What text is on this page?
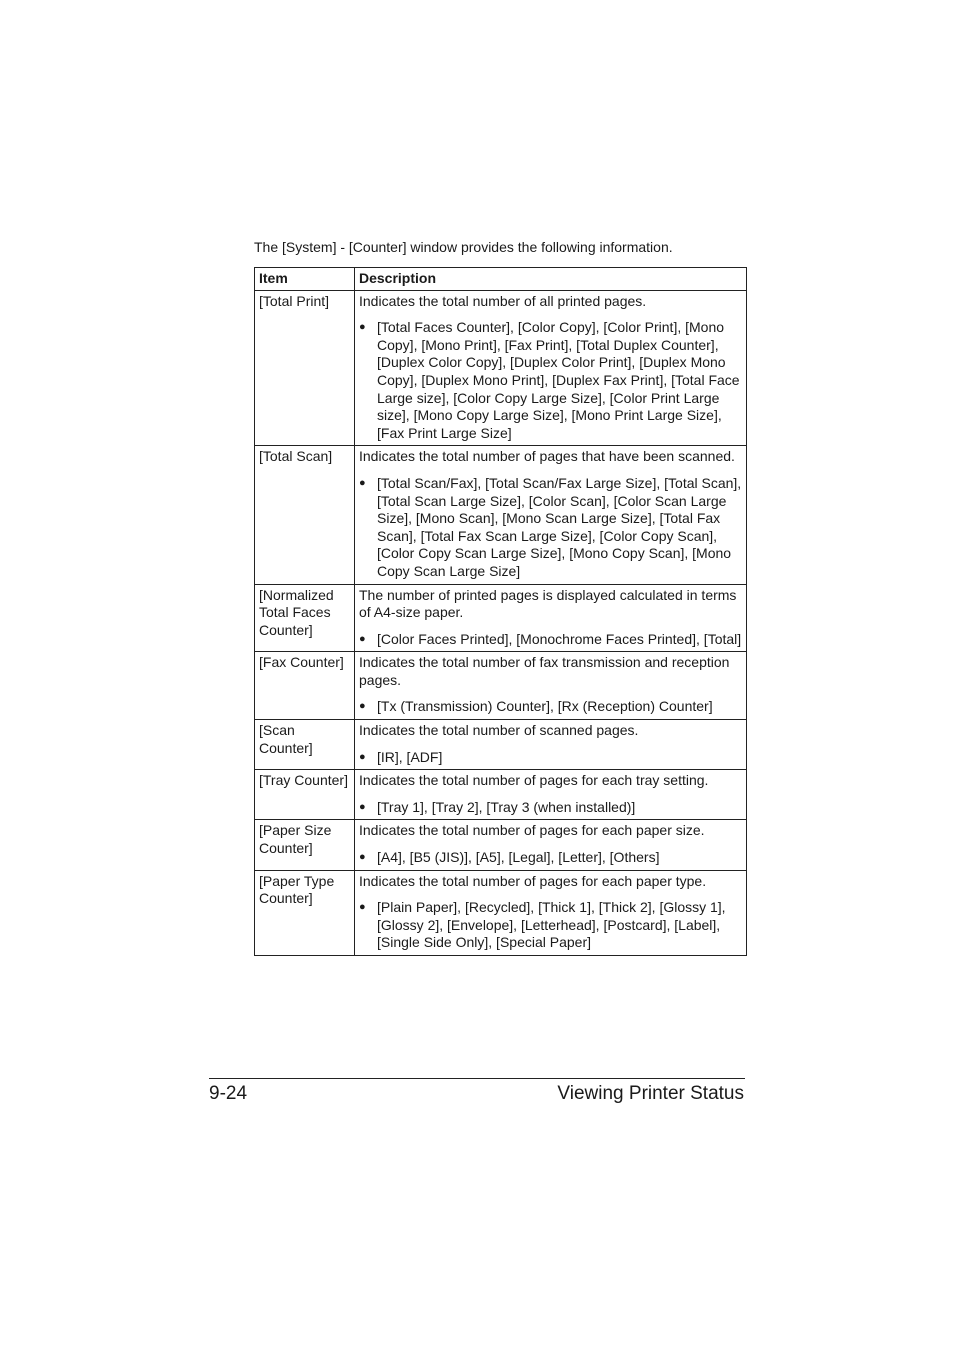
The [System] - [Counter] window provides the following information.
Item	Description
[Total Print]	Indicates the total number of all printed pages.

● [Total Faces Counter], [Color Copy], [Color Print], [Mono Copy], [Mono Print], [Fax Print], [Total Duplex Counter], [Duplex Color Copy], [Duplex Color Print], [Duplex Mono Copy], [Duplex Mono Print], [Duplex Fax Print], [Total Face Large size], [Color Copy Large Size], [Color Print Large size], [Mono Copy Large Size], [Mono Print Large Size], [Fax Print Large Size]

[Total Scan]	Indicates the total number of pages that have been scanned.

● [Total Scan/Fax], [Total Scan/Fax Large Size], [Total Scan], [Total Scan Large Size], [Color Scan], [Color Scan Large Size], [Mono Scan], [Mono Scan Large Size], [Total Fax Scan], [Total Fax Scan Large Size], [Color Copy Scan], [Color Copy Scan Large Size], [Mono Copy Scan], [Mono Copy Scan Large Size]

[Normalized Total Faces Counter]	The number of printed pages is displayed calculated in terms of A4-size paper.

● [Color Faces Printed], [Monochrome Faces Printed], [Total]

[Fax Counter]	Indicates the total number of fax transmission and reception pages.

● [Tx (Transmission) Counter], [Rx (Reception) Counter]

[Scan Counter]	Indicates the total number of scanned pages.

● [IR], [ADF]

[Tray Counter]	Indicates the total number of pages for each tray setting.

● [Tray 1], [Tray 2], [Tray 3 (when installed)]

[Paper Size Counter]	Indicates the total number of pages for each paper size.

● [A4], [B5 (JIS)], [A5], [Legal], [Letter], [Others]

[Paper Type Counter]	Indicates the total number of pages for each paper type.

● [Plain Paper], [Recycled], [Thick 1], [Thick 2], [Glossy 1], [Glossy 2], [Envelope], [Letterhead], [Postcard], [Label], [Single Side Only], [Special Paper]

9-24	Viewing Printer Status
